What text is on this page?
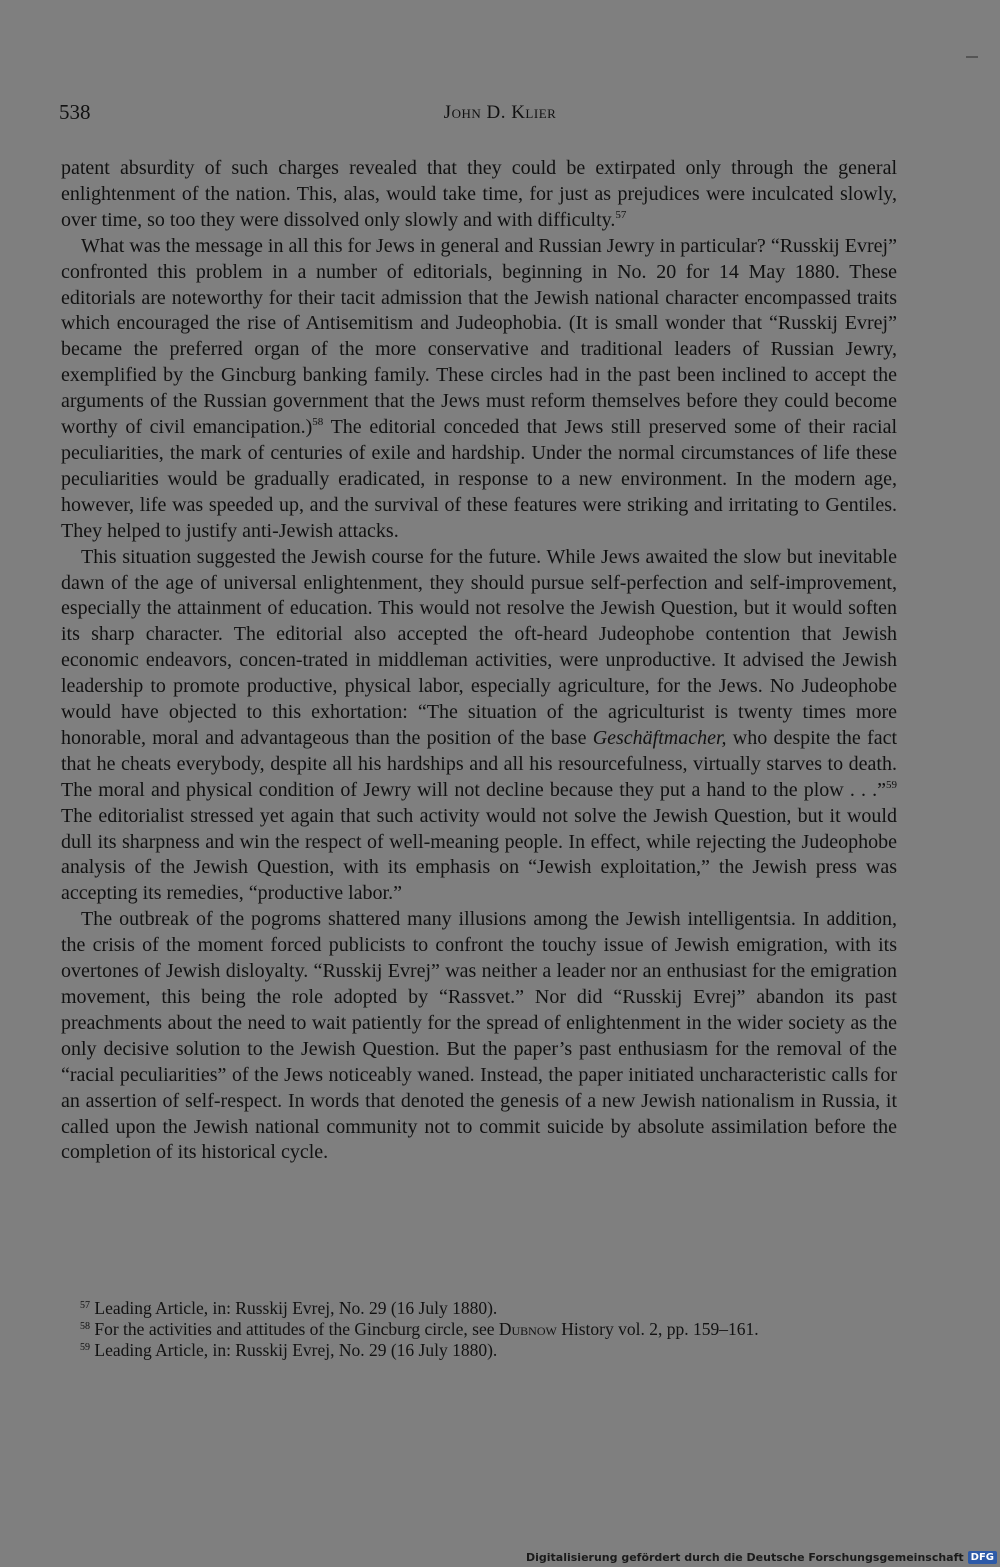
538	John D. Klier

patent absurdity of such charges revealed that they could be extirpated only through the general enlightenment of the nation. This, alas, would take time, for just as prejudices were inculcated slowly, over time, so too they were dissolved only slowly and with difficulty.$^{57}$

What was the message in all this for Jews in general and Russian Jewry in particular? “Russkij Evrej” confronted this problem in a number of editorials, beginning in No. 20 for 14 May 1880. These editorials are noteworthy for their tacit admission that the Jewish national character encompassed traits which encouraged the rise of Antisemitism and Judeophobia. (It is small wonder that “Russkij Evrej” became the preferred organ of the more conservative and traditional leaders of Russian Jewry, exemplified by the Gincburg banking family. These circles had in the past been inclined to accept the arguments of the Russian government that the Jews must reform themselves before they could become worthy of civil emancipation.)$^{58}$ The editorial conceded that Jews still preserved some of their racial peculiarities, the mark of centuries of exile and hardship. Under the normal circumstances of life these peculiarities would be gradually eradicated, in response to a new environment. In the modern age, however, life was speeded up, and the survival of these features were striking and irritating to Gentiles. They helped to justify anti-Jewish attacks.

This situation suggested the Jewish course for the future. While Jews awaited the slow but inevitable dawn of the age of universal enlightenment, they should pursue self-perfection and self-improvement, especially the attainment of education. This would not resolve the Jewish Question, but it would soften its sharp character. The editorial also accepted the oft-heard Judeophobe contention that Jewish economic endeavors, concen-trated in middleman activities, were unproductive. It advised the Jewish leadership to promote productive, physical labor, especially agriculture, for the Jews. No Judeophobe would have objected to this exhortation: “The situation of the agriculturist is twenty times more honorable, moral and advantageous than the position of the base Geschäftmacher, who despite the fact that he cheats everybody, despite all his hardships and all his resourcefulness, virtually starves to death. The moral and physical condition of Jewry will not decline because they put a hand to the plow . . .”$^{59}$ The editorialist stressed yet again that such activity would not solve the Jewish Question, but it would dull its sharpness and win the respect of well-meaning people. In effect, while rejecting the Judeophobe analysis of the Jewish Question, with its emphasis on “Jewish exploitation,” the Jewish press was accepting its remedies, “productive labor.”

The outbreak of the pogroms shattered many illusions among the Jewish intelligentsia. In addition, the crisis of the moment forced publicists to confront the touchy issue of Jewish emigration, with its overtones of Jewish disloyalty. “Russkij Evrej” was neither a leader nor an enthusiast for the emigration movement, this being the role adopted by “Rassvet.” Nor did “Russkij Evrej” abandon its past preachments about the need to wait patiently for the spread of enlightenment in the wider society as the only decisive solution to the Jewish Question. But the paper’s past enthusiasm for the removal of the “racial peculiarities” of the Jews noticeably waned. Instead, the paper initiated uncharacteristic calls for an assertion of self-respect. In words that denoted the genesis of a new Jewish nationalism in Russia, it called upon the Jewish national community not to commit suicide by absolute assimilation before the completion of its historical cycle.

$^{57}$ Leading Article, in: Russkij Evrej, No. 29 (16 July 1880).

$^{58}$ For the activities and attitudes of the Gincburg circle, see Dubnow History vol. 2, pp. 159–161.

$^{59}$ Leading Article, in: Russkij Evrej, No. 29 (16 July 1880).

Digitalisierung gefördert durch die Deutsche Forschungsgemeinschaft DFG
